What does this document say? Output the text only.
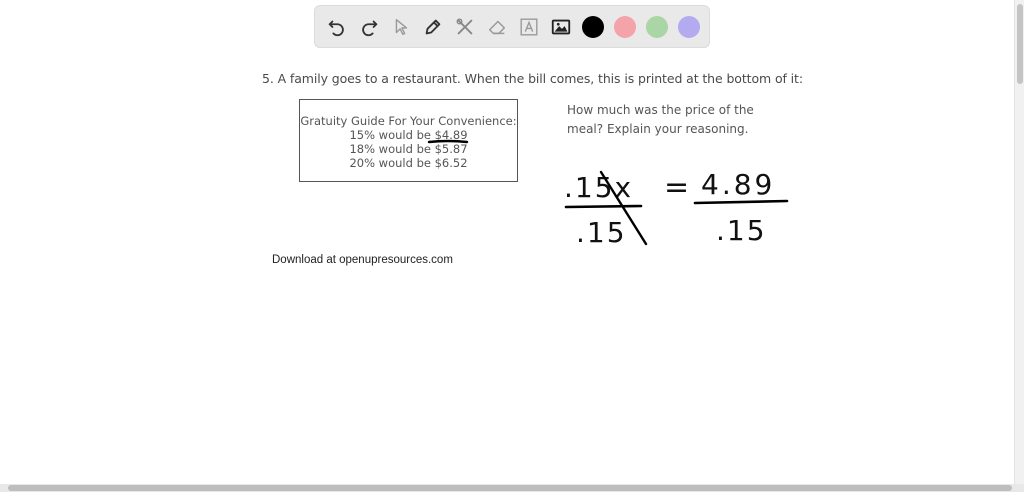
5. A family goes to a restaurant. When the bill comes, this is printed at the bottom of it:
Gratuity Guide For Your Convenience:
15% would be $4.89
18% would be $5.87
20% would be $6.52
How much was the price of the meal? Explain your reasoning.
Download at openupresources.com
.15x
.15
= 4.89
.15
